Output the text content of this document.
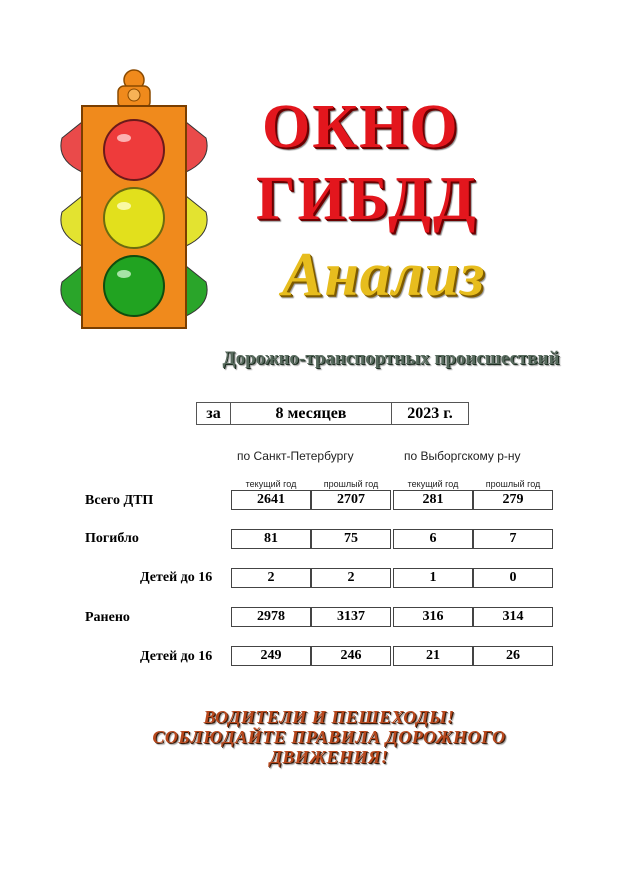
ОКНО
ГИБДД
Анализ
Дорожно-транспортных происшествий
за	8 месяцев	2023 г.
по Санкт-Петербургу	по Выборгскому р-ну
текущий год	прошлый год	текущий год	прошлый год
Всего ДТП	2641	2707	281	279
Погибло	81	75	6	7
Детей до 16	2	2	1	0
Ранено	2978	3137	316	314
Детей до 16	249	246	21	26
ВОДИТЕЛИ И ПЕШЕХОДЫ!
СОБЛЮДАЙТЕ ПРАВИЛА ДОРОЖНОГО
ДВИЖЕНИЯ!
